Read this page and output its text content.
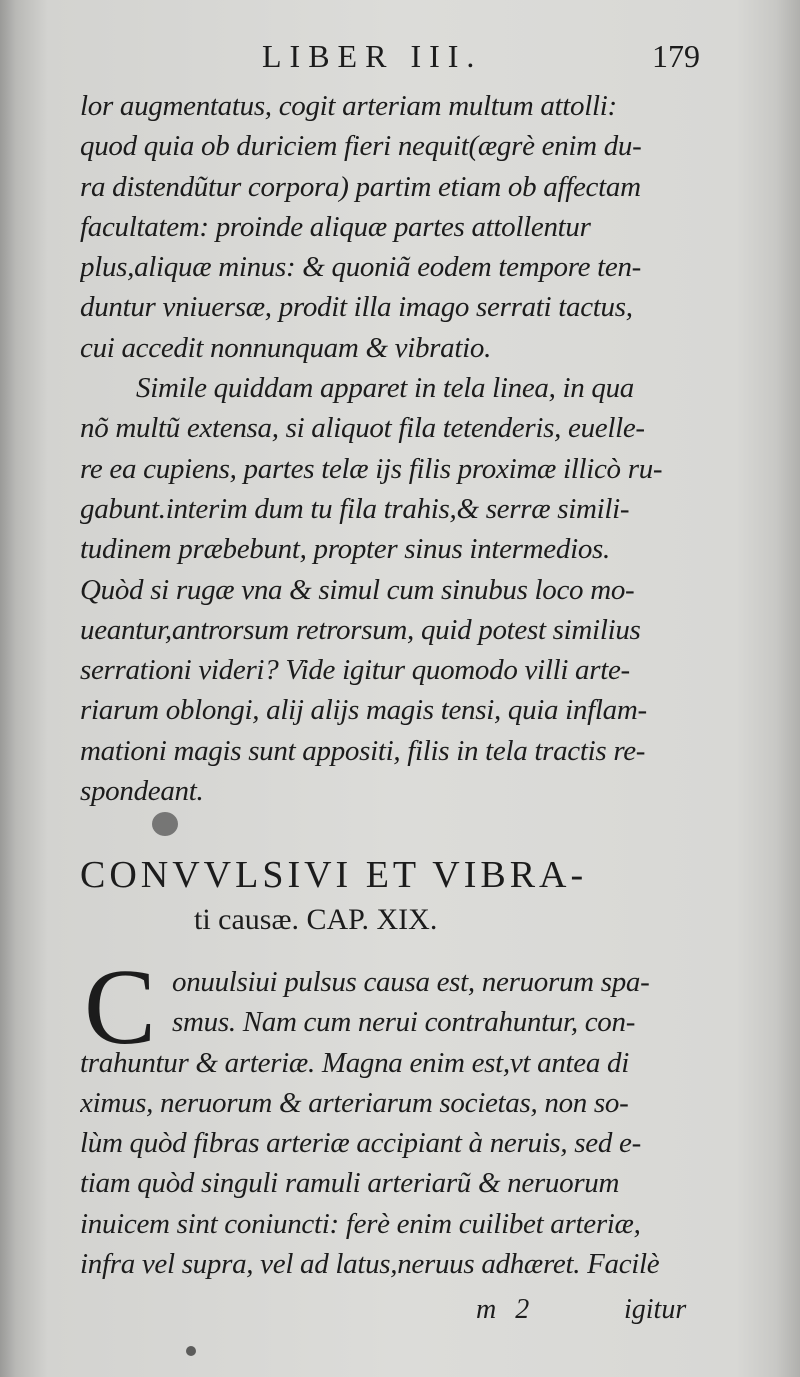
LIBER III.	179
lor augmentatus, cogit arteriam multum attolli:
quod quia ob duriciem fieri nequit(ægrè enim du-
ra distendũtur corpora) partim etiam ob affectam
facultatem: proinde aliquæ partes attollentur
plus,aliquæ minus: & quoniã eodem tempore ten-
duntur vniuersæ, prodit illa imago serrati tactus,
cui accedit nonnunquam & vibratio.
Simile quiddam apparet in tela linea, in qua
nõ multũ extensa, si aliquot fila tetenderis, euelle-
re ea cupiens, partes telæ ijs filis proximæ illicò ru-
gabunt.interim dum tu fila trahis,& serræ simili-
tudinem præbebunt, propter sinus intermedios.
Quòd si rugæ vna & simul cum sinubus loco mo-
ueantur,antrorsum retrorsum, quid potest similius
serrationi videri? Vide igitur quomodo villi arte-
riarum oblongi, alij alijs magis tensi, quia inflam-
mationi magis sunt appositi, filis in tela tractis re-
spondeant.
CONVVLSIVI ET VIBRA-
ti causæ. CAP. XIX.
C onuulsiui pulsus causa est, neruorum spa-
smus. Nam cum nerui contrahuntur, con-
trahuntur & arteriæ. Magna enim est,vt antea di
ximus, neruorum & arteriarum societas, non so-
lùm quòd fibras arteriæ accipiant à neruis, sed e-
tiam quòd singuli ramuli arteriarũ & neruorum
inuicem sint coniuncti: ferè enim cuilibet arteriæ,
infra vel supra, vel ad latus,neruus adhæret. Facilè
m 2	igitur
